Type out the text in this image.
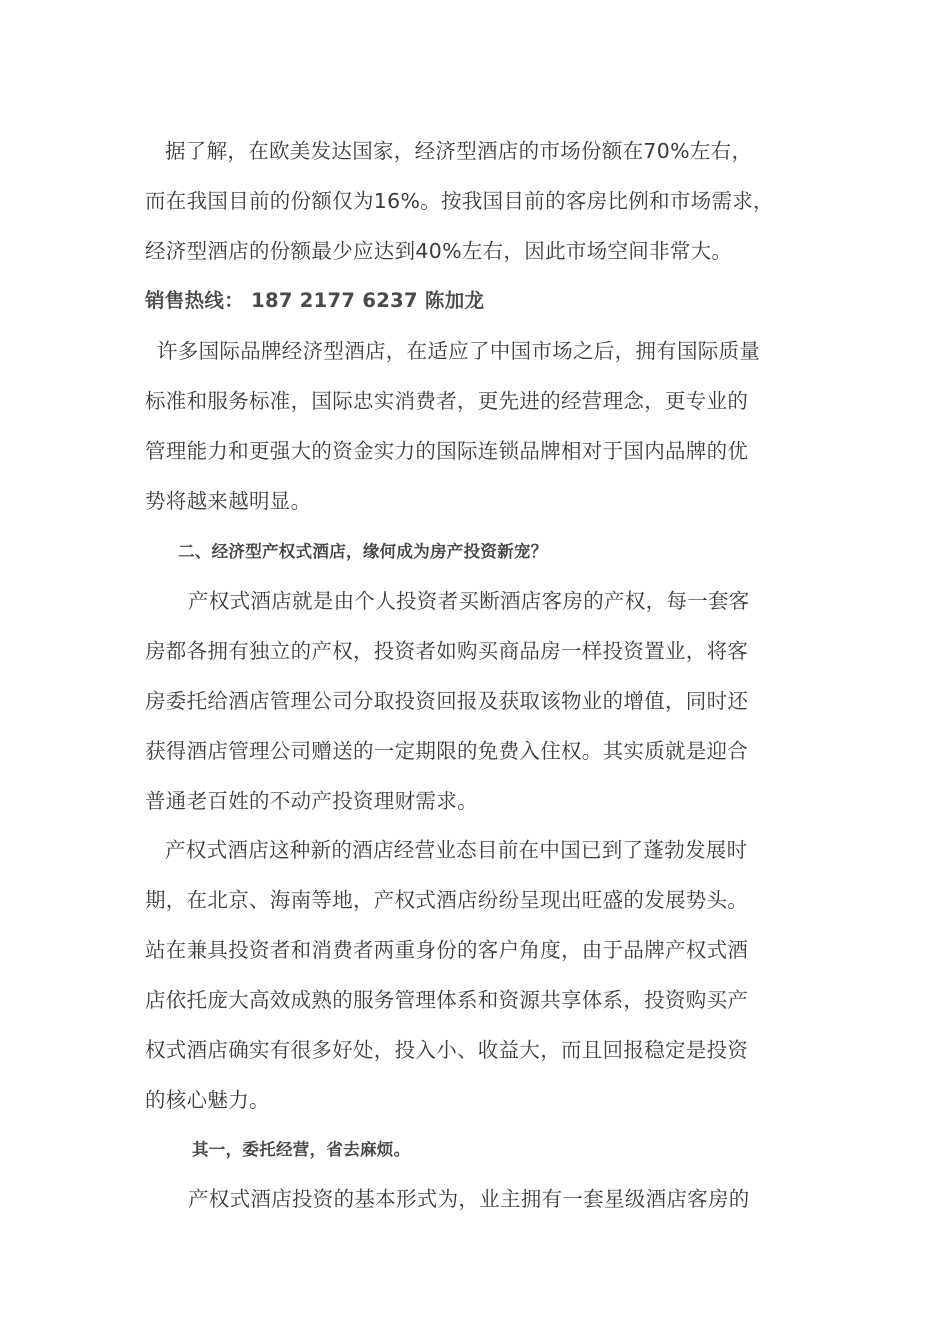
据了解，在欧美发达国家，经济型酒店的市场份额在70%左右，
而在我国目前的份额仅为16%。按我国目前的客房比例和市场需求，
经济型酒店的份额最少应达到40%左右，因此市场空间非常大。
销售热线： 187 2177 6237 陈加龙
许多国际品牌经济型酒店，在适应了中国市场之后，拥有国际质量
标准和服务标准，国际忠实消费者，更先进的经营理念，更专业的
管理能力和更强大的资金实力的国际连锁品牌相对于国内品牌的优
势将越来越明显。
二、经济型产权式酒店，缘何成为房产投资新宠？
产权式酒店就是由个人投资者买断酒店客房的产权，每一套客
房都各拥有独立的产权，投资者如购买商品房一样投资置业，将客
房委托给酒店管理公司分取投资回报及获取该物业的增值，同时还
获得酒店管理公司赠送的一定期限的免费入住权。其实质就是迎合
普通老百姓的不动产投资理财需求。
产权式酒店这种新的酒店经营业态目前在中国已到了蓬勃发展时
期，在北京、海南等地，产权式酒店纷纷呈现出旺盛的发展势头。
站在兼具投资者和消费者两重身份的客户角度，由于品牌产权式酒
店依托庞大高效成熟的服务管理体系和资源共享体系，投资购买产
权式酒店确实有很多好处，投入小、收益大，而且回报稳定是投资
的核心魅力。
其一，委托经营，省去麻烦。
产权式酒店投资的基本形式为，业主拥有一套星级酒店客房的
